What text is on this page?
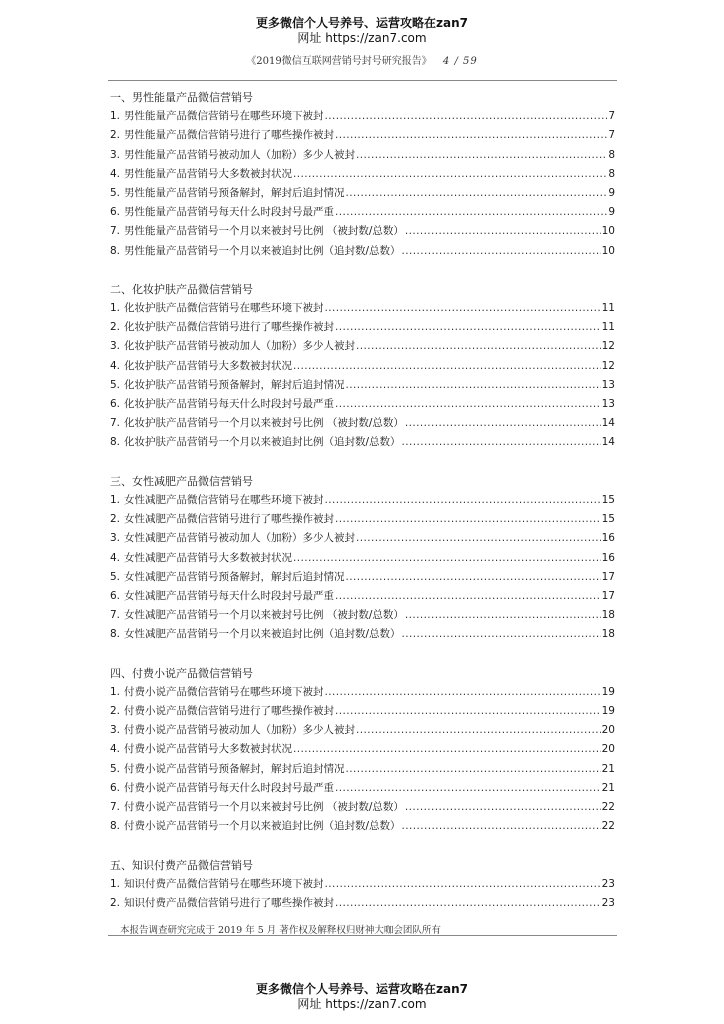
更多微信个人号养号、运营攻略在zan7
网址 https://zan7.com
《2019微信互联网营销号封号研究报告》 4 / 59
一、男性能量产品微信营销号
1. 男性能量产品微信营销号在哪些环境下被封 .....	7
2. 男性能量产品微信营销号进行了哪些操作被封 .....	7
3. 男性能量产品营销号被动加人（加粉）多少人被封 .....	8
4. 男性能量产品营销号大多数被封状况 .....	8
5. 男性能量产品营销号预备解封，解封后追封情况 .....	9
6. 男性能量产品营销号每天什么时段封号最严重 .....	9
7. 男性能量产品营销号一个月以来被封号比例 （被封数/总数） .....	10
8. 男性能量产品营销号一个月以来被追封比例（追封数/总数） .....	10
二、化妆护肤产品微信营销号
1. 化妆护肤产品微信营销号在哪些环境下被封 .....	11
2. 化妆护肤产品微信营销号进行了哪些操作被封 .....	11
3. 化妆护肤产品营销号被动加人（加粉）多少人被封 .....	12
4. 化妆护肤产品营销号大多数被封状况 .....	12
5. 化妆护肤产品营销号预备解封，解封后追封情况 .....	13
6. 化妆护肤产品营销号每天什么时段封号最严重 .....	13
7. 化妆护肤产品营销号一个月以来被封号比例 （被封数/总数） .....	14
8. 化妆护肤产品营销号一个月以来被追封比例（追封数/总数） .....	14
三、女性减肥产品微信营销号
1. 女性减肥产品微信营销号在哪些环境下被封 .....	15
2. 女性减肥产品微信营销号进行了哪些操作被封 .....	15
3. 女性减肥产品营销号被动加人（加粉）多少人被封 .....	16
4. 女性减肥产品营销号大多数被封状况 .....	16
5. 女性减肥产品营销号预备解封，解封后追封情况 .....	17
6. 女性减肥产品营销号每天什么时段封号最严重 .....	17
7. 女性减肥产品营销号一个月以来被封号比例 （被封数/总数） .....	18
8. 女性减肥产品营销号一个月以来被追封比例（追封数/总数） .....	18
四、付费小说产品微信营销号
1. 付费小说产品微信营销号在哪些环境下被封 .....	19
2. 付费小说产品微信营销号进行了哪些操作被封 .....	19
3. 付费小说产品营销号被动加人（加粉）多少人被封 .....	20
4. 付费小说产品营销号大多数被封状况 .....	20
5. 付费小说产品营销号预备解封，解封后追封情况 .....	21
6. 付费小说产品营销号每天什么时段封号最严重 .....	21
7. 付费小说产品营销号一个月以来被封号比例 （被封数/总数） .....	22
8. 付费小说产品营销号一个月以来被追封比例（追封数/总数） .....	22
五、知识付费产品微信营销号
1. 知识付费产品微信营销号在哪些环境下被封 .....	23
2. 知识付费产品微信营销号进行了哪些操作被封 .....	23
本报告调查研究完成于 2019 年 5 月 著作权及解释权归财神大咖会团队所有
更多微信个人号养号、运营攻略在zan7
网址 https://zan7.com
